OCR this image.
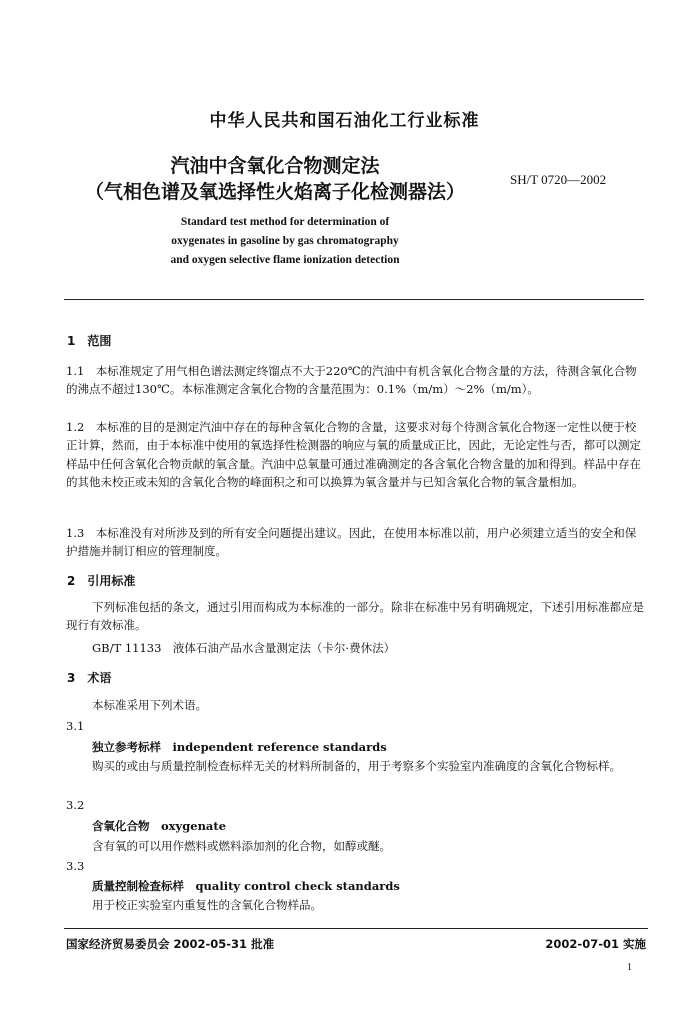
中华人民共和国石油化工行业标准
汽油中含氧化合物测定法
（气相色谱及氧选择性火焰离子化检测器法）
SH/T 0720—2002
Standard test method for determination of
oxygenates in gasoline by gas chromatography
and oxygen selective flame ionization detection
1　范围
1.1　本标准规定了用气相色谱法测定终馏点不大于220℃的汽油中有机含氧化合物含量的方法，待测含氧化合物的沸点不超过130℃。本标准测定含氧化合物的含量范围为：0.1%（m/m）～2%（m/m）。
1.2　本标准的目的是测定汽油中存在的每种含氧化合物的含量，这要求对每个待测含氧化合物逐一定性以便于校正计算，然而，由于本标准中使用的氧选择性检测器的响应与氧的质量成正比，因此，无论定性与否，都可以测定样品中任何含氧化合物贡献的氧含量。汽油中总氧量可通过准确测定的各含氧化合物含量的加和得到。样品中存在的其他未校正或未知的含氧化合物的峰面积之和可以换算为氧含量并与已知含氧化合物的氧含量相加。
1.3　本标准没有对所涉及到的所有安全问题提出建议。因此，在使用本标准以前，用户必须建立适当的安全和保护措施并制订相应的管理制度。
2　引用标准
下列标准包括的条文，通过引用而构成为本标准的一部分。除非在标准中另有明确规定，下述引用标准都应是现行有效标准。
GB/T 11133　液体石油产品水含量测定法（卡尔·费休法）
3　术语
本标准采用下列术语。
3.1
独立参考标样　independent reference standards
购买的或由与质量控制检查标样无关的材料所制备的，用于考察多个实验室内准确度的含氧化合物标样。
3.2
含氧化合物　oxygenate
含有氧的可以用作燃料或燃料添加剂的化合物，如醇或醚。
3.3
质量控制检查标样　quality control check standards
用于校正实验室内重复性的含氧化合物样品。
国家经济贸易委员会 2002-05-31 批准	2002-07-01 实施
1
